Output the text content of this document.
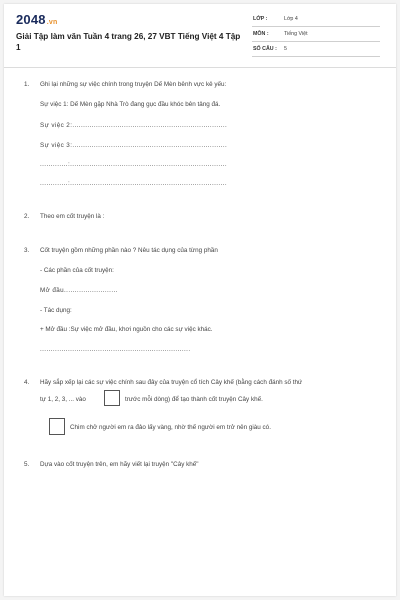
2048.vn
Giải Tập làm văn Tuần 4 trang 26, 27 VBT Tiếng Việt 4 Tập 1
LỚP :	Lớp 4
MÔN :	Tiếng Việt
SỐ CÂU : 5
1. Ghi lại những sự việc chính trong truyện Dế Mèn bênh vực kẻ yếu:
Sự việc 1: Dế Mèn gặp Nhà Trò đang gục đầu khóc bên tảng đá.
Sự việc 2:........................................................................
Sự việc 3:........................................................................
.............:.........................................................................
.............:.........................................................................
2. Theo em cốt truyện là :
3. Cốt truyện gồm những phần nào ? Nêu tác dụng của từng phần
- Các phần của cốt truyện:
Mở đầu.........................
- Tác dụng:
+ Mở đầu :Sự việc mở đầu, khơi nguồn cho các sự việc khác.
......................................................................
4. Hãy sắp xếp lại các sự việc chính sau đây của truyện cổ tích Cây khế (bằng cách đánh số thứ
tự 1, 2, 3, ... vào	trước mỗi dòng) để tạo thành cốt truyện Cây khế.
Chim chở người em ra đảo lấy vàng, nhờ thế người em trở nên giàu có.
5. Dựa vào cốt truyện trên, em hãy viết lại truyện "Cây khế"
